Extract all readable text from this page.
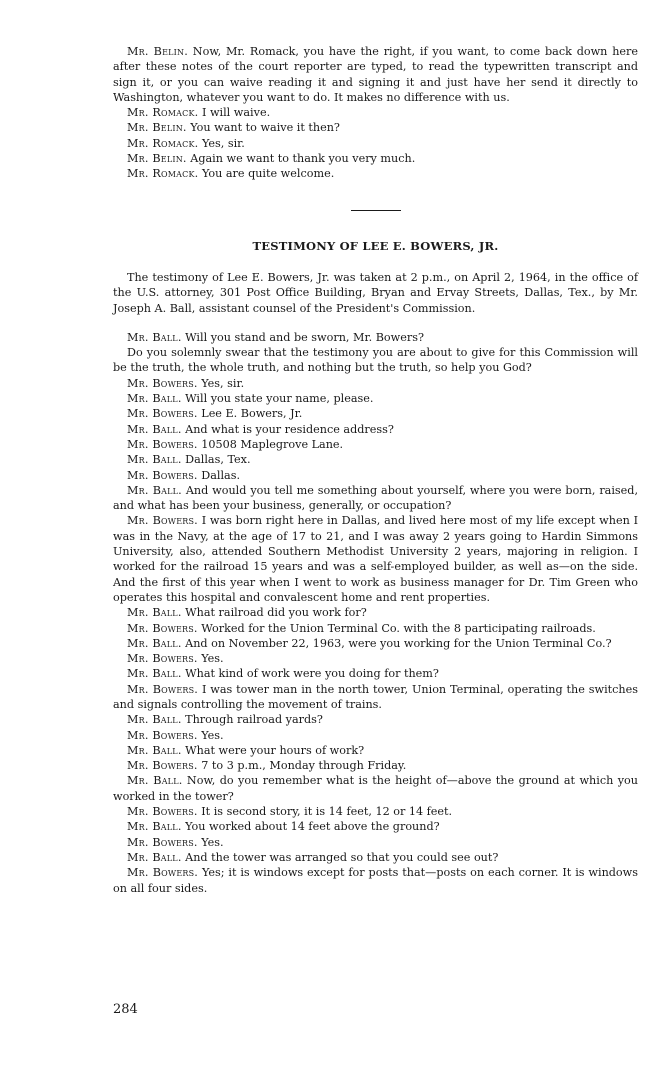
Mr. Belin. Now, Mr. Romack, you have the right, if you want, to come back down here after these notes of the court reporter are typed, to read the typewritten transcript and sign it, or you can waive reading it and signing it and just have her send it directly to Washington, whatever you want to do. It makes no difference with us.

Mr. Romack. I will waive.

Mr. Belin. You want to waive it then?

Mr. Romack. Yes, sir.

Mr. Belin. Again we want to thank you very much.

Mr. Romack. You are quite welcome.

TESTIMONY OF LEE E. BOWERS, JR.

The testimony of Lee E. Bowers, Jr. was taken at 2 p.m., on April 2, 1964, in the office of the U.S. attorney, 301 Post Office Building, Bryan and Ervay Streets, Dallas, Tex., by Mr. Joseph A. Ball, assistant counsel of the President's Commission.

Mr. Ball. Will you stand and be sworn, Mr. Bowers?

Do you solemnly swear that the testimony you are about to give for this Commission will be the truth, the whole truth, and nothing but the truth, so help you God?

Mr. Bowers. Yes, sir.

Mr. Ball. Will you state your name, please.

Mr. Bowers. Lee E. Bowers, Jr.

Mr. Ball. And what is your residence address?

Mr. Bowers. 10508 Maplegrove Lane.

Mr. Ball. Dallas, Tex.

Mr. Bowers. Dallas.

Mr. Ball. And would you tell me something about yourself, where you were born, raised, and what has been your business, generally, or occupation?

Mr. Bowers. I was born right here in Dallas, and lived here most of my life except when I was in the Navy, at the age of 17 to 21, and I was away 2 years going to Hardin Simmons University, also, attended Southern Methodist University 2 years, majoring in religion. I worked for the railroad 15 years and was a self-employed builder, as well as—on the side. And the first of this year when I went to work as business manager for Dr. Tim Green who operates this hospital and convalescent home and rent properties.

Mr. Ball. What railroad did you work for?

Mr. Bowers. Worked for the Union Terminal Co. with the 8 participating railroads.

Mr. Ball. And on November 22, 1963, were you working for the Union Terminal Co.?

Mr. Bowers. Yes.

Mr. Ball. What kind of work were you doing for them?

Mr. Bowers. I was tower man in the north tower, Union Terminal, operating the switches and signals controlling the movement of trains.

Mr. Ball. Through railroad yards?

Mr. Bowers. Yes.

Mr. Ball. What were your hours of work?

Mr. Bowers. 7 to 3 p.m., Monday through Friday.

Mr. Ball. Now, do you remember what is the height of—above the ground at which you worked in the tower?

Mr. Bowers. It is second story, it is 14 feet, 12 or 14 feet.

Mr. Ball. You worked about 14 feet above the ground?

Mr. Bowers. Yes.

Mr. Ball. And the tower was arranged so that you could see out?

Mr. Bowers. Yes; it is windows except for posts that—posts on each corner. It is windows on all four sides.

284
